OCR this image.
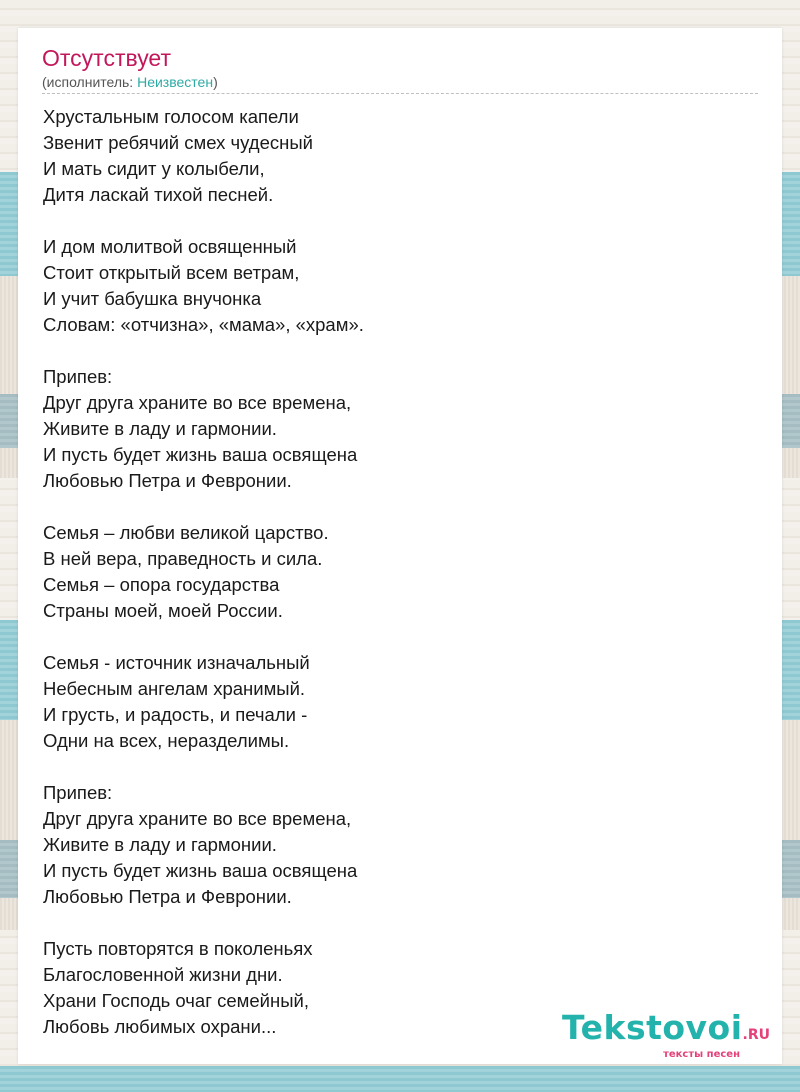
Отсутствует
(исполнитель: Неизвестен)
Хрустальным голосом капели
Звенит ребячий смех чудесный
И мать сидит у колыбели,
Дитя ласкай тихой песней.
И дом молитвой освященный
Стоит открытый всем ветрам,
И учит бабушка внучонка
Словам: «отчизна», «мама», «храм».
Припев:
Друг друга храните во все времена,
Живите в ладу и гармонии.
И пусть будет жизнь ваша освящена
Любовью Петра и Февронии.
Семья – любви великой царство.
В ней вера, праведность и сила.
Семья – опора государства
Страны моей, моей России.
Семья - источник изначальный
Небесным ангелам хранимый.
И грусть, и радость, и печали -
Одни на всех, неразделимы.
Припев:
Друг друга храните во все времена,
Живите в ладу и гармонии.
И пусть будет жизнь ваша освящена
Любовью Петра и Февронии.
Пусть повторятся в поколеньях
Благословенной жизни дни.
Храни Господь очаг семейный,
Любовь любимых охрани...	Tekstovoi.RU
тексты песен
